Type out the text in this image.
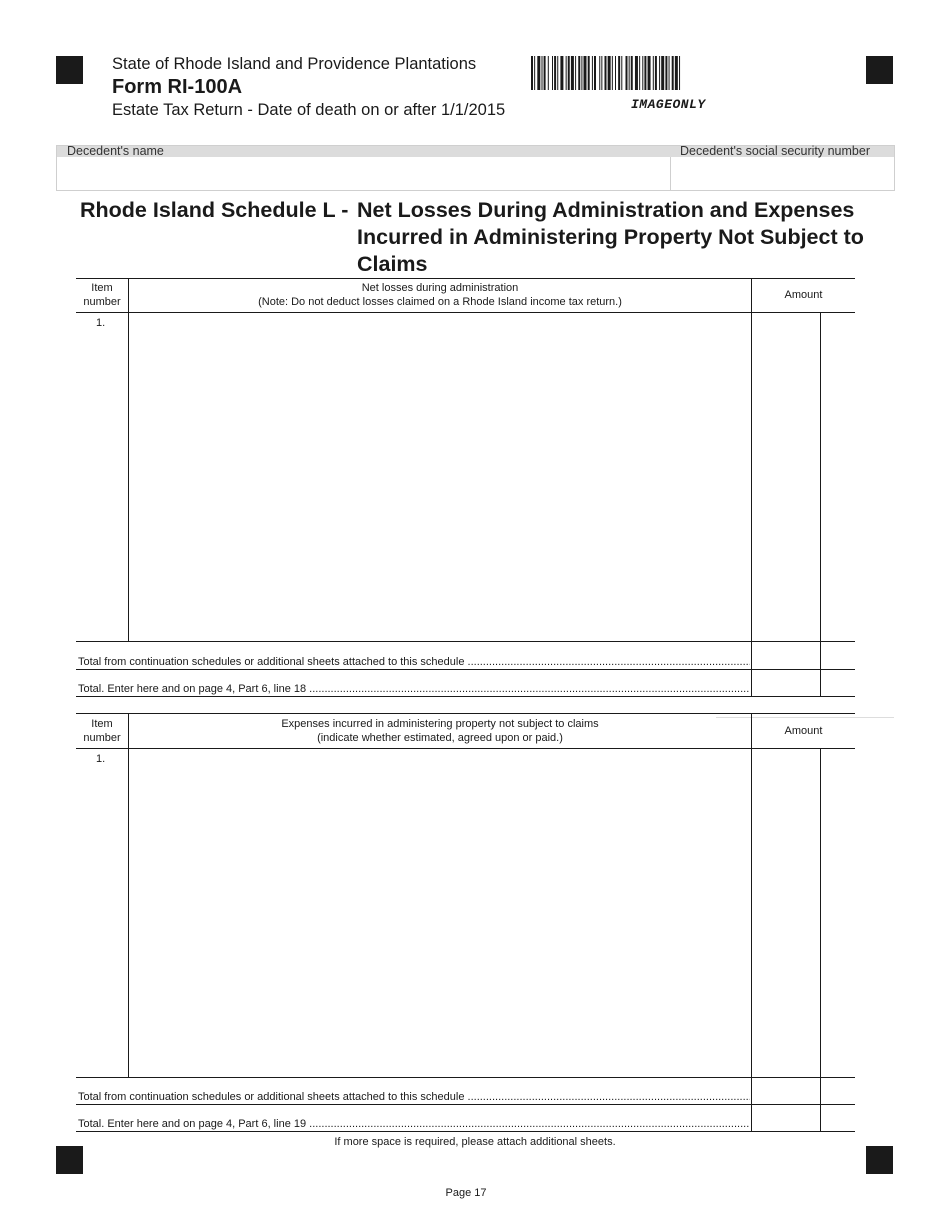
State of Rhode Island and Providence Plantations
Form RI-100A
Estate Tax Return - Date of death on or after 1/1/2015	IMAGEONLY
Decedent's name	Decedent's social security number
Rhode Island Schedule L - Net Losses During Administration and Expenses Incurred in Administering Property Not Subject to Claims
Item number
Net losses during administration
(Note: Do not deduct losses claimed on a Rhode Island income tax return.)
Amount
1.
Total from continuation schedules or additional sheets attached to this schedule .....
Total. Enter here and on page 4, Part 6, line 18 .....
Item number
Expenses incurred in administering property not subject to claims
(indicate whether estimated, agreed upon or paid.)
Amount
1.
Total from continuation schedules or additional sheets attached to this schedule .....
Total. Enter here and on page 4, Part 6, line 19 .....
If more space is required, please attach additional sheets.
Page 17
